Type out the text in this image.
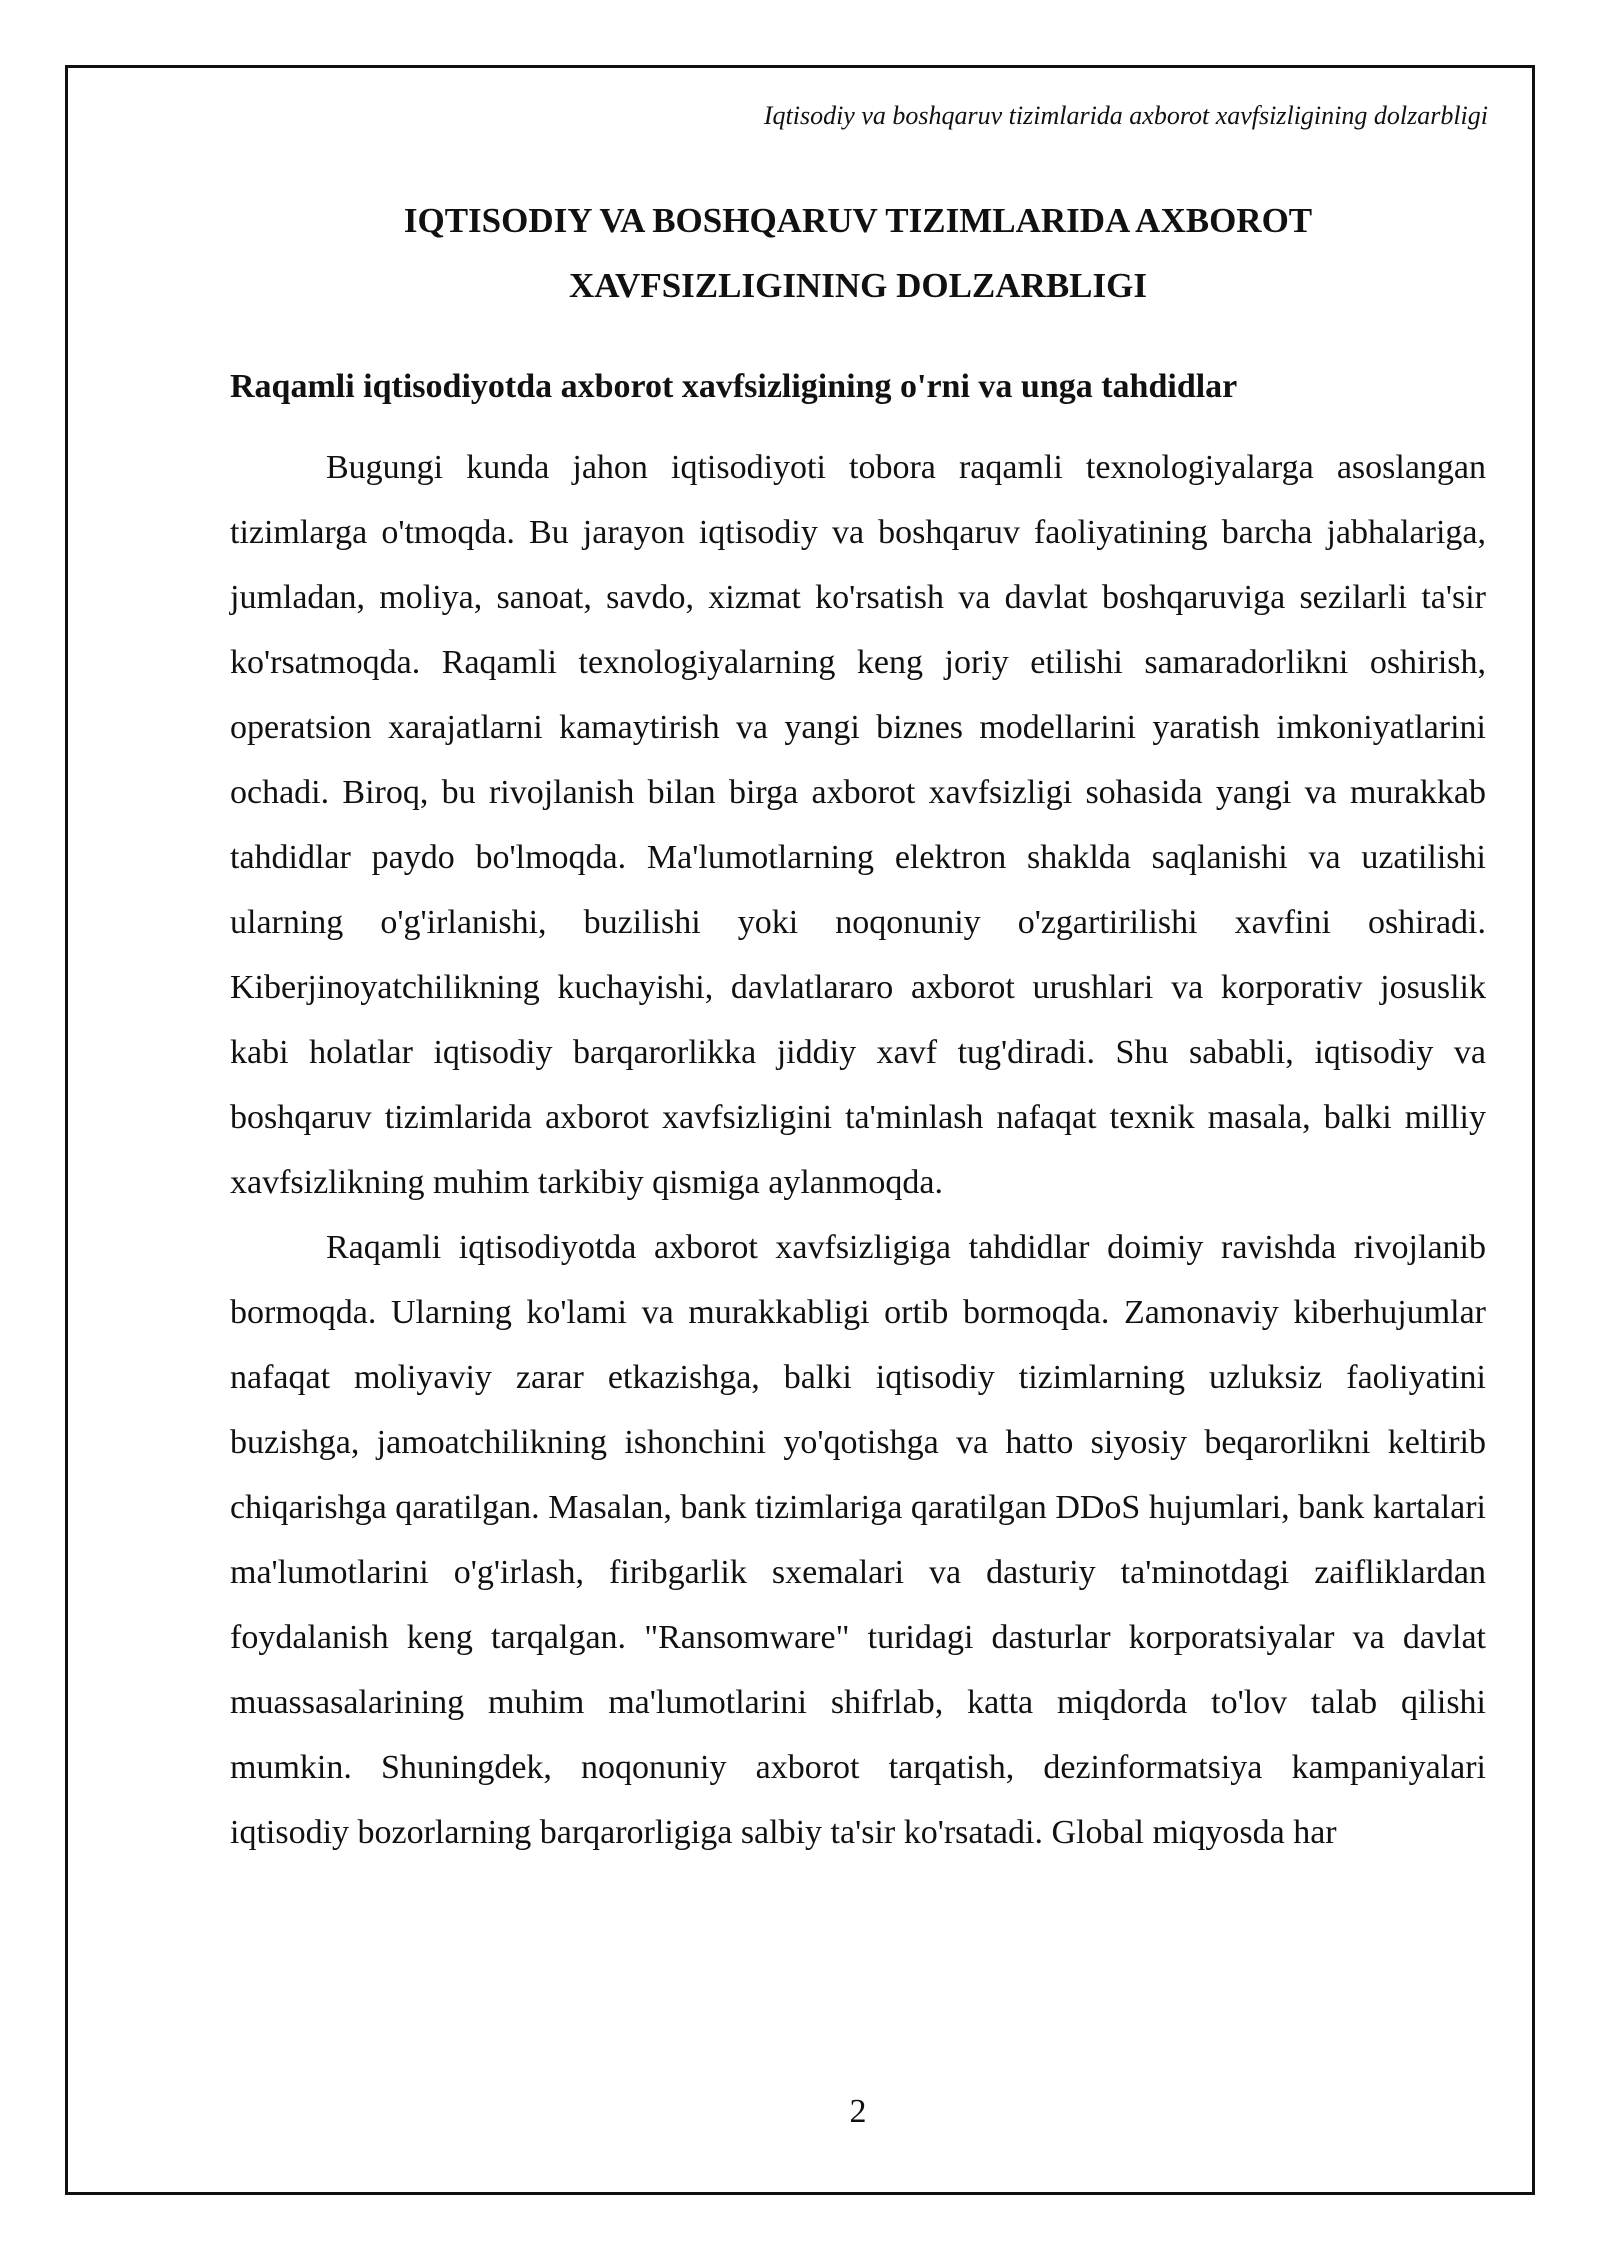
Iqtisodiy va boshqaruv tizimlarida axborot xavfsizligining dolzarbligi
IQTISODIY VA BOSHQARUV TIZIMLARIDA AXBOROT
XAVFSIZLIGINING DOLZARBLIGI
Raqamli iqtisodiyotda axborot xavfsizligining o'rni va unga tahdidlar

Bugungi kunda jahon iqtisodiyoti tobora raqamli texnologiyalarga asoslangan tizimlarga o'tmoqda. Bu jarayon iqtisodiy va boshqaruv faoliyatining barcha jabhalariga, jumladan, moliya, sanoat, savdo, xizmat ko'rsatish va davlat boshqaruviga sezilarli ta'sir ko'rsatmoqda. Raqamli texnologiyalarning keng joriy etilishi samaradorlikni oshirish, operatsion xarajatlarni kamaytirish va yangi biznes modellarini yaratish imkoniyatlarini ochadi. Biroq, bu rivojlanish bilan birga axborot xavfsizligi sohasida yangi va murakkab tahdidlar paydo bo'lmoqda. Ma'lumotlarning elektron shaklda saqlanishi va uzatilishi ularning o'g'irlanishi, buzilishi yoki noqonuniy o'zgartirilishi xavfini oshiradi. Kiberjinoyatchilikning kuchayishi, davlatlararo axborot urushlari va korporativ josuslik kabi holatlar iqtisodiy barqarorlikka jiddiy xavf tug'diradi. Shu sababli, iqtisodiy va boshqaruv tizimlarida axborot xavfsizligini ta'minlash nafaqat texnik masala, balki milliy xavfsizlikning muhim tarkibiy qismiga aylanmoqda.

Raqamli iqtisodiyotda axborot xavfsizligiga tahdidlar doimiy ravishda rivojlanib bormoqda. Ularning ko'lami va murakkabligi ortib bormoqda. Zamonaviy kiberhujumlar nafaqat moliyaviy zarar etkazishga, balki iqtisodiy tizimlarning uzluksiz faoliyatini buzishga, jamoatchilikning ishonchini yo'qotishga va hatto siyosiy beqarorlikni keltirib chiqarishga qaratilgan. Masalan, bank tizimlariga qaratilgan DDoS hujumlari, bank kartalari ma'lumotlarini o'g'irlash, firibgarlik sxemalari va dasturiy ta'minotdagi zaifliklardan foydalanish keng tarqalgan. "Ransomware" turidagi dasturlar korporatsiyalar va davlat muassasalarining muhim ma'lumotlarini shifrlab, katta miqdorda to'lov talab qilishi mumkin. Shuningdek, noqonuniy axborot tarqatish, dezinformatsiya kampaniyalari iqtisodiy bozorlarning barqarorligiga salbiy ta'sir ko'rsatadi. Global miqyosda har

2
